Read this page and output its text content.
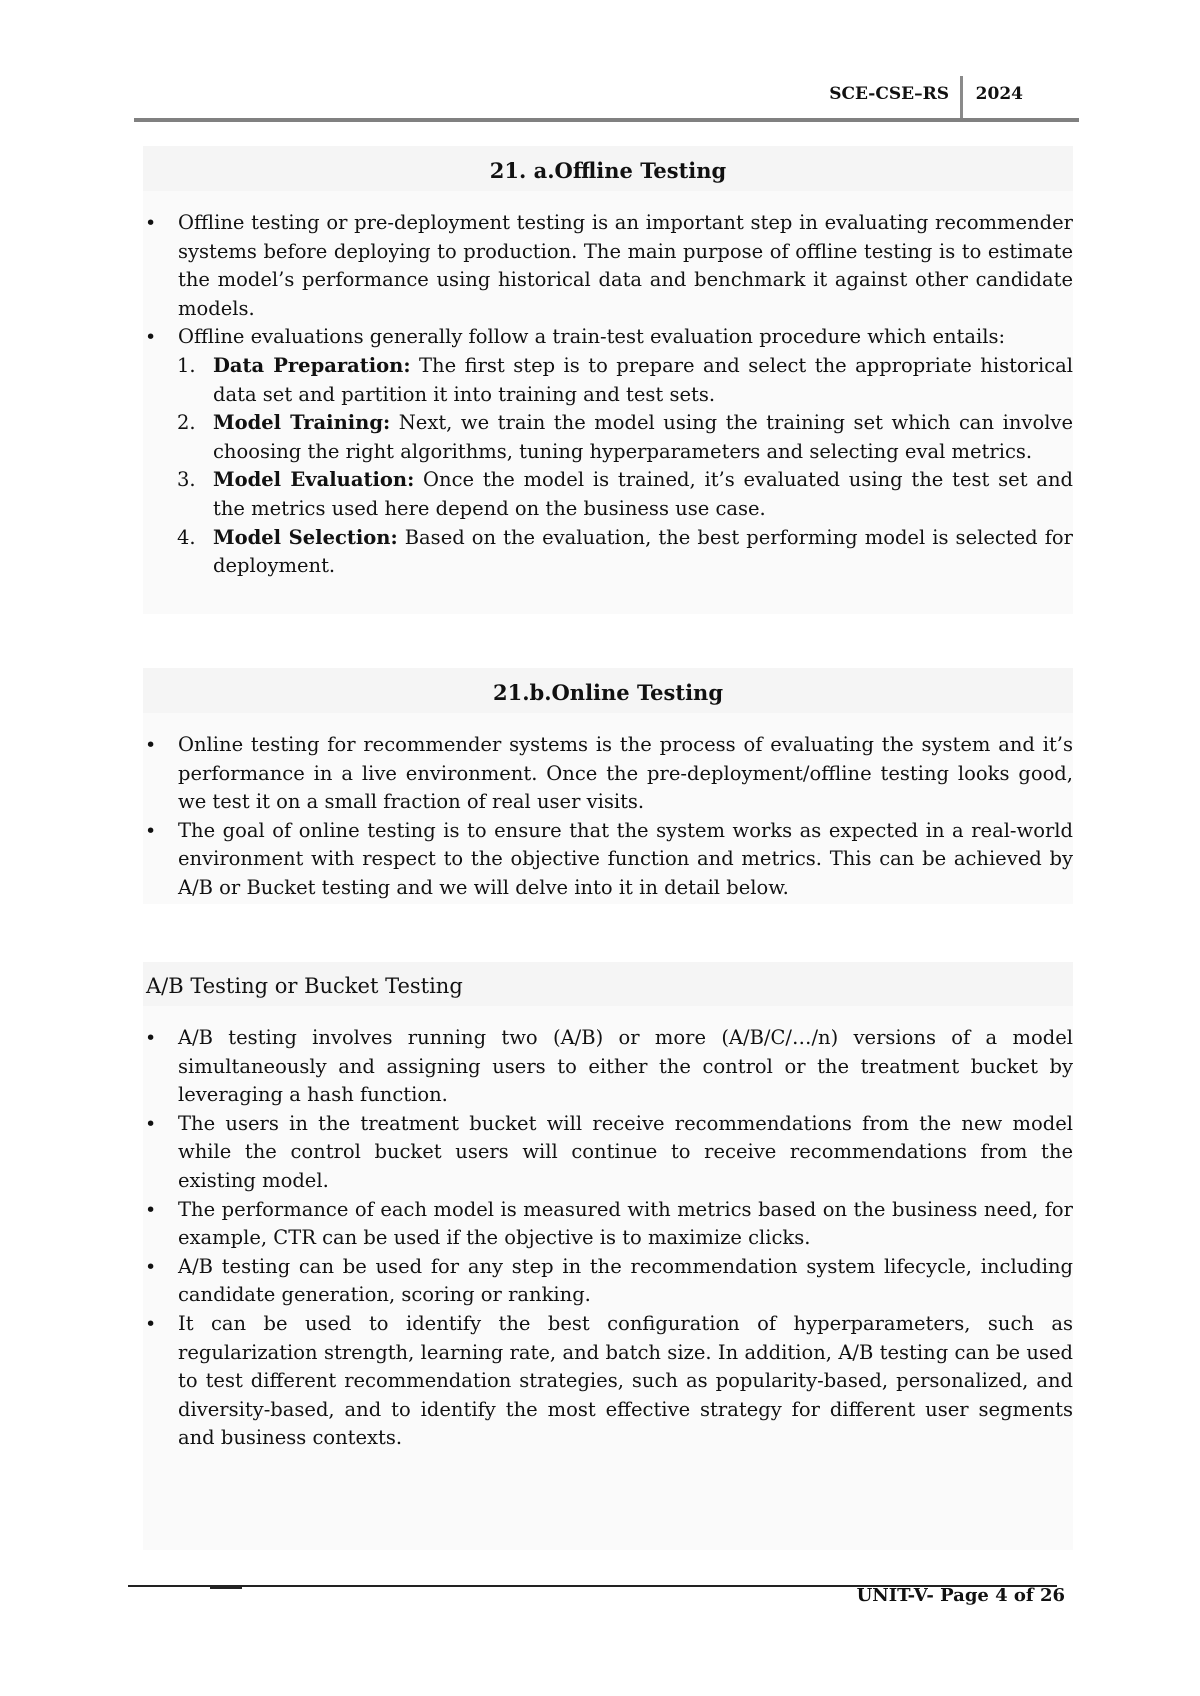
SCE-CSE–RS 2024
21. a.Offline Testing
• Offline testing or pre-deployment testing is an important step in evaluating recommender systems before deploying to production. The main purpose of offline testing is to estimate the model’s performance using historical data and benchmark it against other candidate models.
• Offline evaluations generally follow a train-test evaluation procedure which entails:
1. Data Preparation: The first step is to prepare and select the appropriate historical data set and partition it into training and test sets.
2. Model Training: Next, we train the model using the training set which can involve choosing the right algorithms, tuning hyperparameters and selecting eval metrics.
3. Model Evaluation: Once the model is trained, it’s evaluated using the test set and the metrics used here depend on the business use case.
4. Model Selection: Based on the evaluation, the best performing model is selected for deployment.
21.b.Online Testing
• Online testing for recommender systems is the process of evaluating the system and it’s performance in a live environment. Once the pre-deployment/offline testing looks good, we test it on a small fraction of real user visits.
• The goal of online testing is to ensure that the system works as expected in a real-world environment with respect to the objective function and metrics. This can be achieved by A/B or Bucket testing and we will delve into it in detail below.
A/B Testing or Bucket Testing
• A/B testing involves running two (A/B) or more (A/B/C/…/n) versions of a model simultaneously and assigning users to either the control or the treatment bucket by leveraging a hash function.
• The users in the treatment bucket will receive recommendations from the new model while the control bucket users will continue to receive recommendations from the existing model.
• The performance of each model is measured with metrics based on the business need, for example, CTR can be used if the objective is to maximize clicks.
• A/B testing can be used for any step in the recommendation system lifecycle, including candidate generation, scoring or ranking.
• It can be used to identify the best configuration of hyperparameters, such as regularization strength, learning rate, and batch size. In addition, A/B testing can be used to test different recommendation strategies, such as popularity-based, personalized, and diversity-based, and to identify the most effective strategy for different user segments and business contexts.
UNIT-V- Page 4 of 26
